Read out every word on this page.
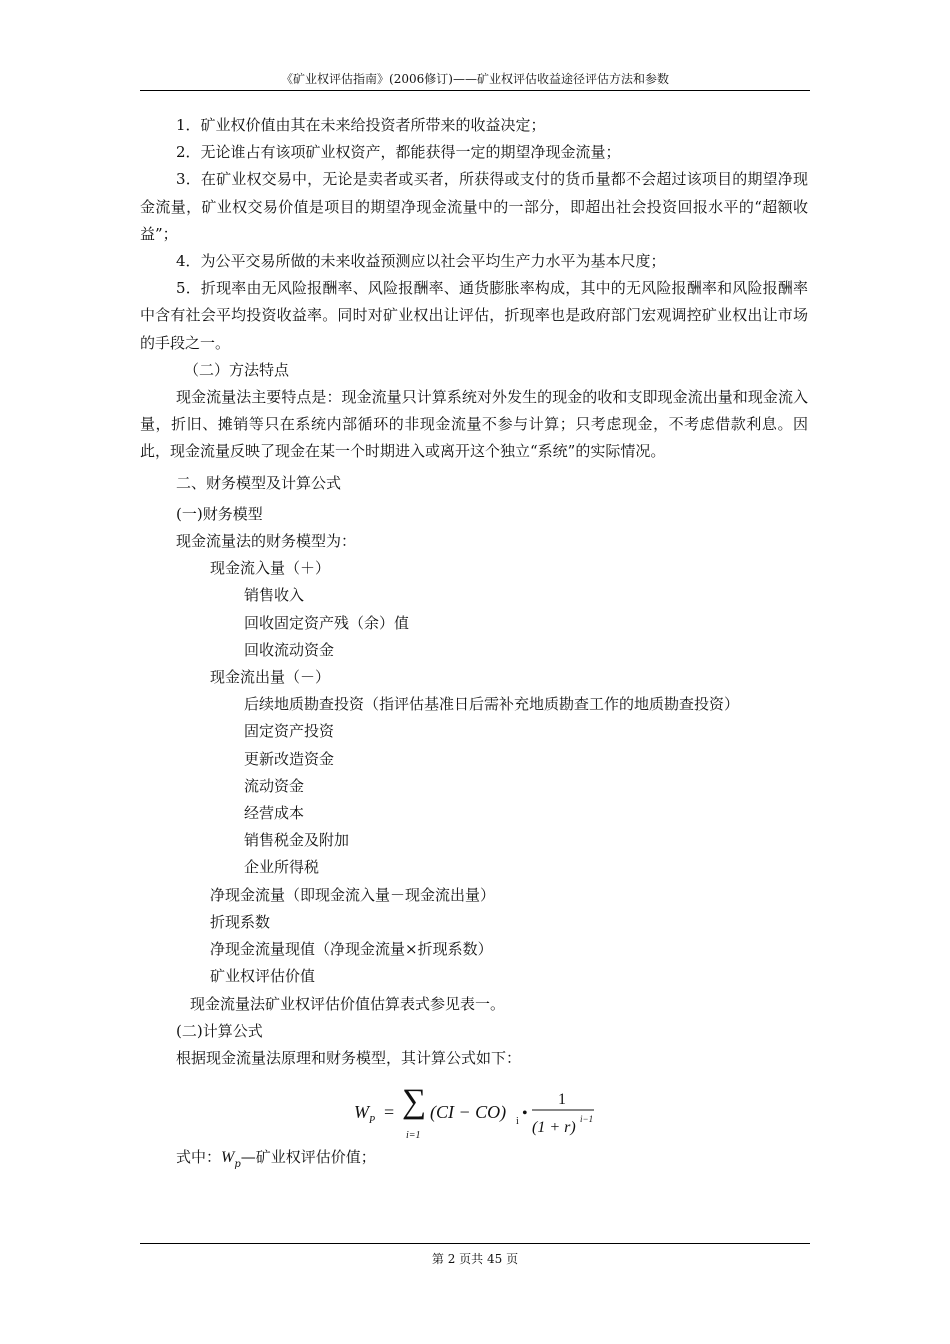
《矿业权评估指南》(2006修订)——矿业权评估收益途径评估方法和参数

1．矿业权价值由其在未来给投资者所带来的收益决定；

2．无论谁占有该项矿业权资产，都能获得一定的期望净现金流量；

3．在矿业权交易中，无论是卖者或买者，所获得或支付的货币量都不会超过该项目的期望净现金流量，矿业权交易价值是项目的期望净现金流量中的一部分，即超出社会投资回报水平的“超额收益”；

4．为公平交易所做的未来收益预测应以社会平均生产力水平为基本尺度；

5．折现率由无风险报酬率、风险报酬率、通货膨胀率构成，其中的无风险报酬率和风险报酬率中含有社会平均投资收益率。同时对矿业权出让评估，折现率也是政府部门宏观调控矿业权出让市场的手段之一。

（二）方法特点

现金流量法主要特点是：现金流量只计算系统对外发生的现金的收和支即现金流出量和现金流入量，折旧、摊销等只在系统内部循环的非现金流量不参与计算；只考虑现金，不考虑借款利息。因此，现金流量反映了现金在某一个时期进入或离开这个独立“系统”的实际情况。

二、财务模型及计算公式

(一)财务模型

现金流量法的财务模型为：

现金流入量（＋）

销售收入

回收固定资产残（余）值

回收流动资金

现金流出量（－）

后续地质勘查投资（指评估基准日后需补充地质勘查工作的地质勘查投资）

固定资产投资

更新改造资金

流动资金

经营成本

销售税金及附加

企业所得税

净现金流量（即现金流入量－现金流出量）

折现系数

净现金流量现值（净现金流量×折现系数）

矿业权评估价值

现金流量法矿业权评估价值估算表式参见表一。

(二)计算公式

根据现金流量法原理和财务模型，其计算公式如下：

W P = ∑
i=1
(CI − CO) i •
1
(1 + r) i−1

式中：$W_p—$矿业权评估价值；

第 2 页共 45 页
